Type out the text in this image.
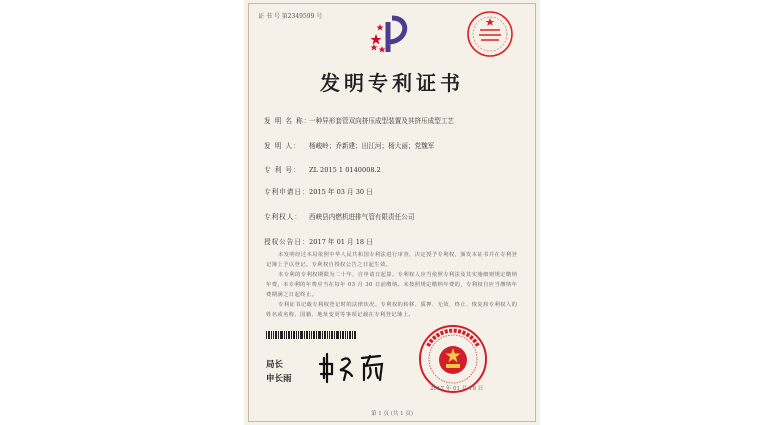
证 书 号 第2349599 号
发明专利证书
发 明 名 称：一种异形套管双向挤压成型装置及其挤压成型工艺
发 明 人： 杨峻岭；乔新建；田江河；杨大丽；党魏军
专 利 号： ZL 2015 1 0140008.2
专利申请日：2015 年 03 月 30 日
专利权人： 西峡县内燃机进排气管有限责任公司
授权公告日：2017 年 01 月 18 日
本发明经过本局依照中华人民共和国专利法进行审查，决定授予专利权，颁发本证书并在专利登记簿上予以登记。专利权自授权公告之日起生效。
本专利的专利权期限为二十年，自申请日起算。专利权人应当依照专利法及其实施细则规定缴纳年费。本专利的年费应当在每年 03 月 30 日前缴纳。未按照规定缴纳年费的，专利权自应当缴纳年费期满之日起终止。
专利证书记载专利权登记时的法律状况。专利权的转移、质押、无效、终止、恢复和专利权人的姓名或名称、国籍、地址变更等事项记载在专利登记簿上。
局长
申长雨
2017 年 01 月 18 日
第 1 页 (共 1 页)
